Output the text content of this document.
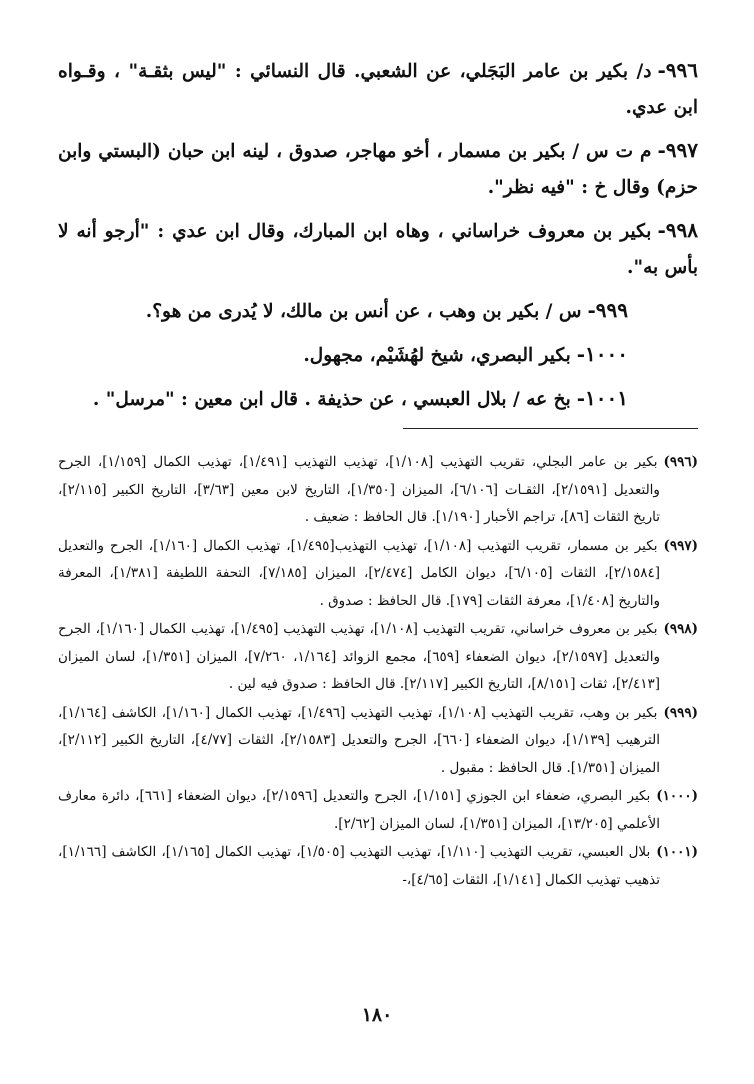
٩٩٦-د/ بكير بن عامر البَجَلي، عن الشعبي. قال النسائي : "ليس بثقـة" ، وقـواه ابن عدي.

٩٩٧-م ت س / بكير بن مسمار ، أخو مهاجر، صدوق ، لينه ابن حبان (البستي وابن حزم) وقال خ : "فيه نظر".

٩٩٨-بكير بن معروف خراساني ، وهاه ابن المبارك، وقال ابن عدي : "أرجو أنه لا بأس به".

٩٩٩-س / بكير بن وهب ، عن أنس بن مالك، لا يُدرى من هو؟.

١٠٠٠-بكير البصري، شيخ لهُشَيْم، مجهول.

١٠٠١-بخ عه / بلال العبسي ، عن حذيفة . قال ابن معين : "مرسل" .

(٩٩٦)بكير بن عامر البجلي، تقريب التهذيب [١/١٠٨]، تهذيب التهذيب [١/٤٩١]، تهذيب الكمال [١/١٥٩]، الجرح والتعديل [٢/١٥٩١]، الثقـات [٦/١٠٦]، الميزان [١/٣٥٠]، التاريخ لابن معين [٣/٦٣]، التاريخ الكبير [٢/١١٥]، تاريخ الثقات [٨٦]، تراجم الأحبار [١/١٩٠]. قال الحافظ : ضعيف .

(٩٩٧)بكير بن مسمار، تقريب التهذيب [١/١٠٨]، تهذيب التهذيب[١/٤٩٥]، تهذيب الكمال [١/١٦٠]، الجرح والتعديل [٢/١٥٨٤]، الثقات [٦/١٠٥]، ديوان الكامل [٢/٤٧٤]، الميزان [٧/١٨٥]، التحفة اللطيفة [١/٣٨١]، المعرفة والتاريخ [١/٤٠٨]، معرفة الثقات [١٧٩]. قال الحافظ : صدوق .

(٩٩٨)بكير بن معروف خراساني، تقريب التهذيب [١/١٠٨]، تهذيب التهذيب [١/٤٩٥]، تهذيب الكمال [١/١٦٠]، الجرح والتعديل [٢/١٥٩٧]، ديوان الضعفاء [٦٥٩]، مجمع الزوائد [١/١٦٤، ٧/٢٦٠]، الميزان [١/٣٥١]، لسان الميزان [٢/٤١٣]، ثقات [٨/١٥١]، التاريخ الكبير [٢/١١٧]. قال الحافظ : صدوق فيه لين .

(٩٩٩)بكير بن وهب، تقريب التهذيب [١/١٠٨]، تهذيب التهذيب [١/٤٩٦]، تهذيب الكمال [١/١٦٠]، الكاشف [١/١٦٤]، الترهيب [١/١٣٩]، ديوان الضعفاء [٦٦٠]، الجرح والتعديل [٢/١٥٨٣]، الثقات [٤/٧٧]، التاريخ الكبير [٢/١١٢]، الميزان [١/٣٥١]. قال الحافظ : مقبول .

(١٠٠٠)بكير البصري، ضعفاء ابن الجوزي [١/١٥١]، الجرح والتعديل [٢/١٥٩٦]، ديوان الضعفاء [٦٦١]، دائرة معارف الأعلمي [١٣/٢٠٥]، الميزان [١/٣٥١]، لسان الميزان [٢/٦٢].

(١٠٠١)بلال العبسي، تقريب التهذيب [١/١١٠]، تهذيب التهذيب [١/٥٠٥]، تهذيب الكمال [١/١٦٥]، الكاشف [١/١٦٦]، تذهيب تهذيب الكمال [١/١٤١]، الثقات [٤/٦٥]،-

١٨٠
